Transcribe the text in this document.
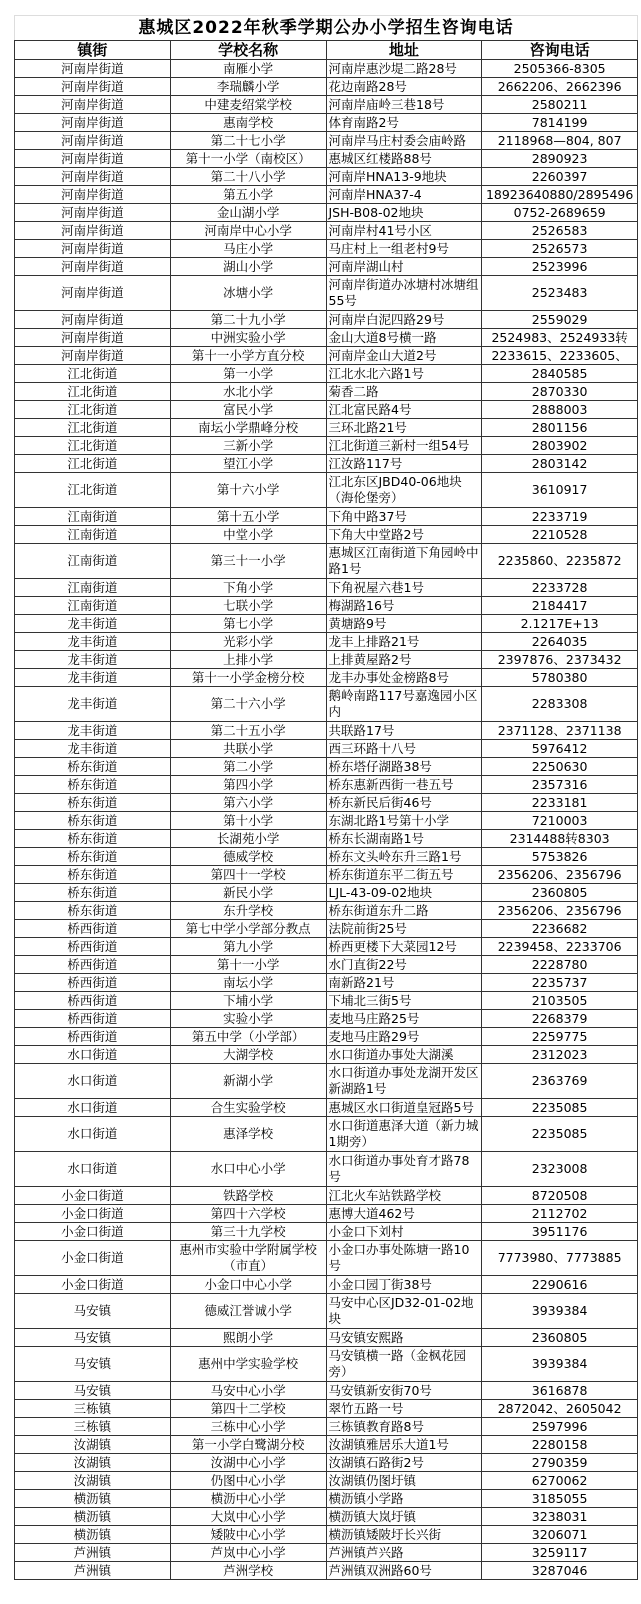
惠城区2022年秋季学期公办小学招生咨询电话			
镇街	学校名称	地址	咨询电话
河南岸街道	南雁小学	河南岸惠沙堤二路28号	2505366-8305
河南岸街道	李瑞麟小学	花边南路28号	2662206、2662396
河南岸街道	中建麦绍棠学校	河南岸庙岭三巷18号	2580211
河南岸街道	惠南学校	体育南路2号	7814199
河南岸街道	第二十七小学	河南岸马庄村委会庙岭路	2118968—804, 807
河南岸街道	第十一小学（南校区）	惠城区红楼路88号	2890923
河南岸街道	第二十八小学	河南岸HNA13-9地块	2260397
河南岸街道	第五小学	河南岸HNA37-4	18923640880/2895496
河南岸街道	金山湖小学	JSH-B08-02地块	0752-2689659
河南岸街道	河南岸中心小学	河南岸村41号小区	2526583
河南岸街道	马庄小学	马庄村上一组老村9号	2526573
河南岸街道	湖山小学	河南岸湖山村	2523996
河南岸街道	冰塘小学	河南岸街道办冰塘村冰塘组55号	2523483
河南岸街道	第二十九小学	河南岸白泥四路29号	2559029
河南岸街道	中洲实验小学	金山大道8号横一路	2524983、2524933转
河南岸街道	第十一小学方直分校	河南岸金山大道2号	2233615、2233605、
江北街道	第一小学	江北水北六路1号	2840585
江北街道	水北小学	菊香二路	2870330
江北街道	富民小学	江北富民路4号	2888003
江北街道	南坛小学鼎峰分校	三环北路21号	2801156
江北街道	三新小学	江北街道三新村一组54号	2803902
江北街道	望江小学	江汝路117号	2803142
江北街道	第十六小学	江北东区JBD40-06地块（海伦堡旁）	3610917
江南街道	第十五小学	下角中路37号	2233719
江南街道	中堂小学	下角大中堂路2号	2210528
江南街道	第三十一小学	惠城区江南街道下角园岭中路1号	2235860、2235872
江南街道	下角小学	下角祝屋六巷1号	2233728
江南街道	七联小学	梅湖路16号	2184417
龙丰街道	第七小学	黄塘路9号	2.1217E+13
龙丰街道	光彩小学	龙丰上排路21号	2264035
龙丰街道	上排小学	上排黄屋路2号	2397876、2373432
龙丰街道	第十一小学金榜分校	龙丰办事处金榜路8号	5780380
龙丰街道	第二十六小学	鹅岭南路117号嘉逸园小区内	2283308
龙丰街道	第二十五小学	共联路17号	2371128、2371138
龙丰街道	共联小学	西三环路十八号	5976412
桥东街道	第二小学	桥东塔仔湖路38号	2250630
桥东街道	第四小学	桥东惠新西街一巷五号	2357316
桥东街道	第六小学	桥东新民后街46号	2233181
桥东街道	第十小学	东湖北路1号第十小学	7210003
桥东街道	长湖苑小学	桥东长湖南路1号	2314488转8303
桥东街道	德威学校	桥东文头岭东升三路1号	5753826
桥东街道	第四十一学校	桥东街道东平二街五号	2356206、2356796
桥东街道	新民小学	LJL-43-09-02地块	2360805
桥东街道	东升学校	桥东街道东升二路	2356206、2356796
桥西街道	第七中学小学部分教点	法院前街25号	2236682
桥西街道	第九小学	桥西更楼下大菜园12号	2239458、2233706
桥西街道	第十一小学	水门直街22号	2228780
桥西街道	南坛小学	南新路21号	2235737
桥西街道	下埔小学	下埔北三街5号	2103505
桥西街道	实验小学	麦地马庄路25号	2268379
桥西街道	第五中学（小学部）	麦地马庄路29号	2259775
水口街道	大湖学校	水口街道办事处大湖溪	2312023
水口街道	新湖小学	水口街道办事处龙湖开发区新湖路1号	2363769
水口街道	合生实验学校	惠城区水口街道皇冠路5号	2235085
水口街道	惠泽学校	水口街道惠泽大道（新力城1期旁）	2235085
水口街道	水口中心小学	水口街道办事处育才路78号	2323008
小金口街道	铁路学校	江北火车站铁路学校	8720508
小金口街道	第四十六学校	惠博大道462号	2112702
小金口街道	第三十九学校	小金口下刘村	3951176
小金口街道	惠州市实验中学附属学校（市直）	小金口办事处陈塘一路10号	7773980、7773885
小金口街道	小金口中心小学	小金口园丁街38号	2290616
马安镇	德威江誉诚小学	马安中心区JD32-01-02地块	3939384
马安镇	熙朗小学	马安镇安熙路	2360805
马安镇	惠州中学实验学校	马安镇横一路（金枫花园旁）	3939384
马安镇	马安中心小学	马安镇新安街70号	3616878
三栋镇	第四十二学校	翠竹五路一号	2872042、2605042
三栋镇	三栋中心小学	三栋镇教育路8号	2597996
汝湖镇	第一小学白鹭湖分校	汝湖镇雅居乐大道1号	2280158
汝湖镇	汝湖中心小学	汝湖镇石路街2号	2790359
汝湖镇	仍图中心小学	汝湖镇仍图圩镇	6270062
横沥镇	横沥中心小学	横沥镇小学路	3185055
横沥镇	大岚中心小学	横沥镇大岚圩镇	3238031
横沥镇	矮陂中心小学	横沥镇矮陂圩长兴街	3206071
芦洲镇	芦岚中心小学	芦洲镇芦兴路	3259117
芦洲镇	芦洲学校	芦洲镇双洲路60号	3287046
